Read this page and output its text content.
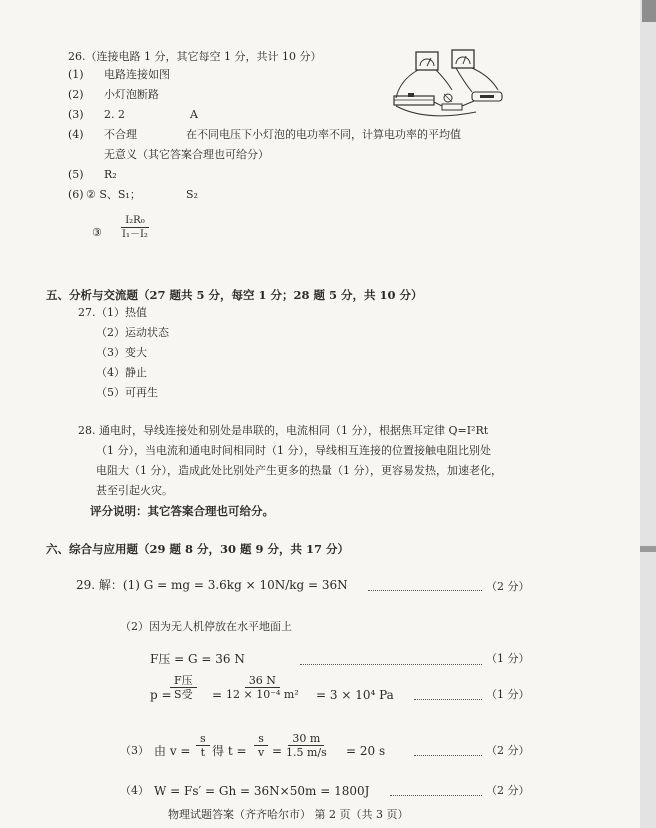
26.（连接电路 1 分，其它每空 1 分，共计 10 分）
(1) 电路连接如图
(2) 小灯泡断路
(3) 2. 2	A
(4) 不合理	在不同电压下小灯泡的电功率不同，计算电功率的平均值
无意义（其它答案合理也可给分）
(5) R₂
(6) ② S、S₁；	S₂
③ $\frac{\text{I₂R₀}}{\text{I₁－I₂}}$
五、分析与交流题（27 题共 5 分，每空 1 分；28 题 5 分，共 10 分）
27. （1）热值
（2）运动状态
（3）变大
（4）静止
（5）可再生
28. 通电时，导线连接处和别处是串联的，电流相同（1 分），根据焦耳定律 Q=I²Rt
（1 分），当电流和通电时间相同时（1 分），导线相互连接的位置接触电阻比别处
电阻大（1 分），造成此处比别处产生更多的热量（1 分），更容易发热，加速老化，
甚至引起火灾。
评分说明：其它答案合理也可给分。
六、综合与应用题（29 题 8 分，30 题 9 分，共 17 分）
29. 解：(1) G = mg = 3.6kg × 10N/kg = 36N	（2 分）
（2）因为无人机停放在水平地面上
F压 = G = 36 N	（1 分）
p =
F压
S受	= $\frac{36 N}{\text{12 × 10⁻⁴ m²}} = 3 \times 10^4$ Pa	（1 分）
（3） 由 $v = \frac{s}{t}$ 得 $t = \frac{s}{v} = \frac{30 m}{1.5 m/s} = 20$ s	（2 分）
（4） W = Fs′ = Gh = 36N×50m = 1800J	（2 分）
物理试题答案（齐齐哈尔市） 第 2 页（共 3 页）
